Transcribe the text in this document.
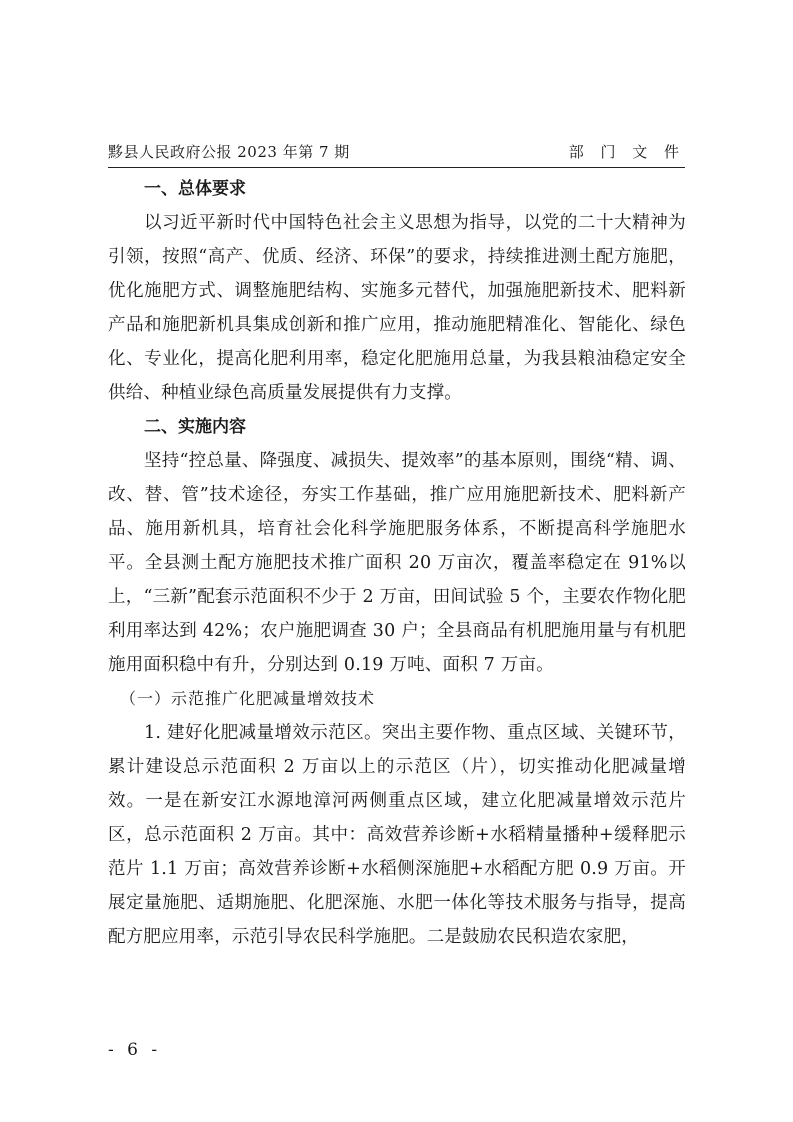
黟县人民政府公报 2023 年第 7 期	部 门 文 件

一、总体要求

以习近平新时代中国特色社会主义思想为指导，以党的二十大精神为引领，按照“高产、优质、经济、环保”的要求，持续推进测土配方施肥，优化施肥方式、调整施肥结构、实施多元替代，加强施肥新技术、肥料新产品和施肥新机具集成创新和推广应用，推动施肥精准化、智能化、绿色化、专业化，提高化肥利用率，稳定化肥施用总量，为我县粮油稳定安全供给、种植业绿色高质量发展提供有力支撑。

二、实施内容

坚持“控总量、降强度、减损失、提效率”的基本原则，围绕“精、调、改、替、管”技术途径，夯实工作基础，推广应用施肥新技术、肥料新产品、施用新机具，培育社会化科学施肥服务体系，不断提高科学施肥水平。全县测土配方施肥技术推广面积 20 万亩次，覆盖率稳定在 91%以上，“三新”配套示范面积不少于 2 万亩，田间试验 5 个，主要农作物化肥利用率达到 42%；农户施肥调查 30 户；全县商品有机肥施用量与有机肥施用面积稳中有升，分别达到 0.19 万吨、面积 7 万亩。

（一）示范推广化肥减量增效技术

1. 建好化肥减量增效示范区。突出主要作物、重点区域、关键环节，累计建设总示范面积 2 万亩以上的示范区（片），切实推动化肥减量增效。一是在新安江水源地漳河两侧重点区域，建立化肥减量增效示范片区，总示范面积 2 万亩。其中：高效营养诊断+水稻精量播种+缓释肥示范片 1.1 万亩；高效营养诊断+水稻侧深施肥+水稻配方肥 0.9 万亩。开展定量施肥、适期施肥、化肥深施、水肥一体化等技术服务与指导，提高配方肥应用率，示范引导农民科学施肥。二是鼓励农民积造农家肥，

- 6 -
